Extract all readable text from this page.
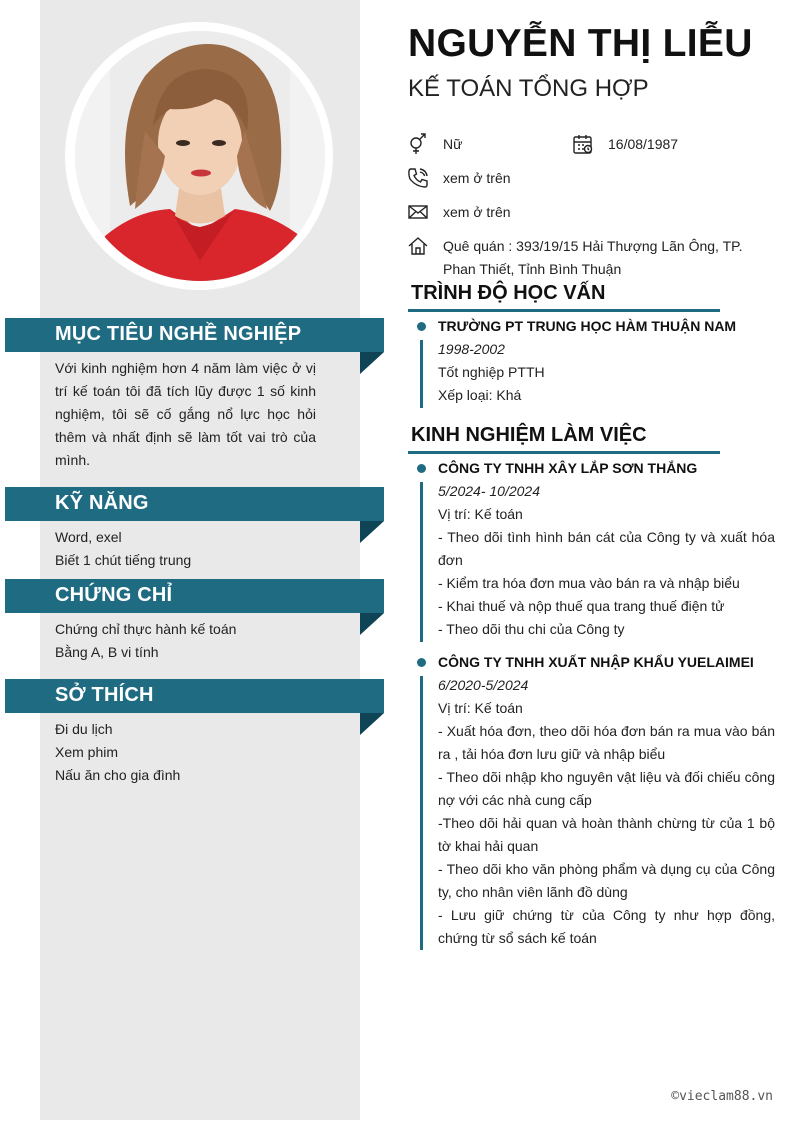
MỤC TIÊU NGHỀ NGHIỆP
Với kinh nghiệm hơn 4 năm làm việc ở vị trí kế toán tôi đã tích lũy được 1 số kinh nghiệm, tôi sẽ cố gắng nổ lực học hỏi thêm và nhất định sẽ làm tốt vai trò của mình.
KỸ NĂNG
Word, exel
Biết 1 chút tiếng trung
CHỨNG CHỈ
Chứng chỉ thực hành kế toán
Bằng A, B vi tính
SỞ THÍCH
Đi du lịch
Xem phim
Nấu ăn cho gia đình
NGUYỄN THỊ LIỄU
KẾ TOÁN TỔNG HỢP
Nữ	16/08/1987
xem ở trên
xem ở trên
Quê quán : 393/19/15 Hải Thượng Lãn Ông, TP. Phan Thiết, Tỉnh Bình Thuận
TRÌNH ĐỘ HỌC VẤN

TRƯỜNG PT TRUNG HỌC HÀM THUẬN NAM

1998-2002

Tốt nghiệp PTTH

Xếp loại: Khá

KINH NGHIỆM LÀM VIỆC

CÔNG TY TNHH XÂY LẮP SƠN THẮNG

5/2024- 10/2024

Vị trí: Kế toán

- Theo dõi tình hình bán cát của Công ty và xuất hóa đơn

- Kiểm tra hóa đơn mua vào bán ra và nhập biểu

- Khai thuế và nộp thuế qua trang thuế điện tử

- Theo dõi thu chi của Công ty

CÔNG TY TNHH XUẤT NHẬP KHẨU YUELAIMEI

6/2020-5/2024

Vị trí: Kế toán

- Xuất hóa đơn, theo dõi hóa đơn bán ra mua vào bán ra , tải hóa đơn lưu giữ và nhập biểu

- Theo dõi nhập kho nguyên vật liệu và đối chiếu công nợ với các nhà cung cấp

-Theo dõi hải quan và hoàn thành chừng từ của 1 bộ tờ khai hải quan

- Theo dõi kho văn phòng phẩm và dụng cụ của Công ty, cho nhân viên lãnh đồ dùng

- Lưu giữ chứng từ của Công ty như hợp đồng, chứng từ sổ sách kế toán

©vieclam88.vn
